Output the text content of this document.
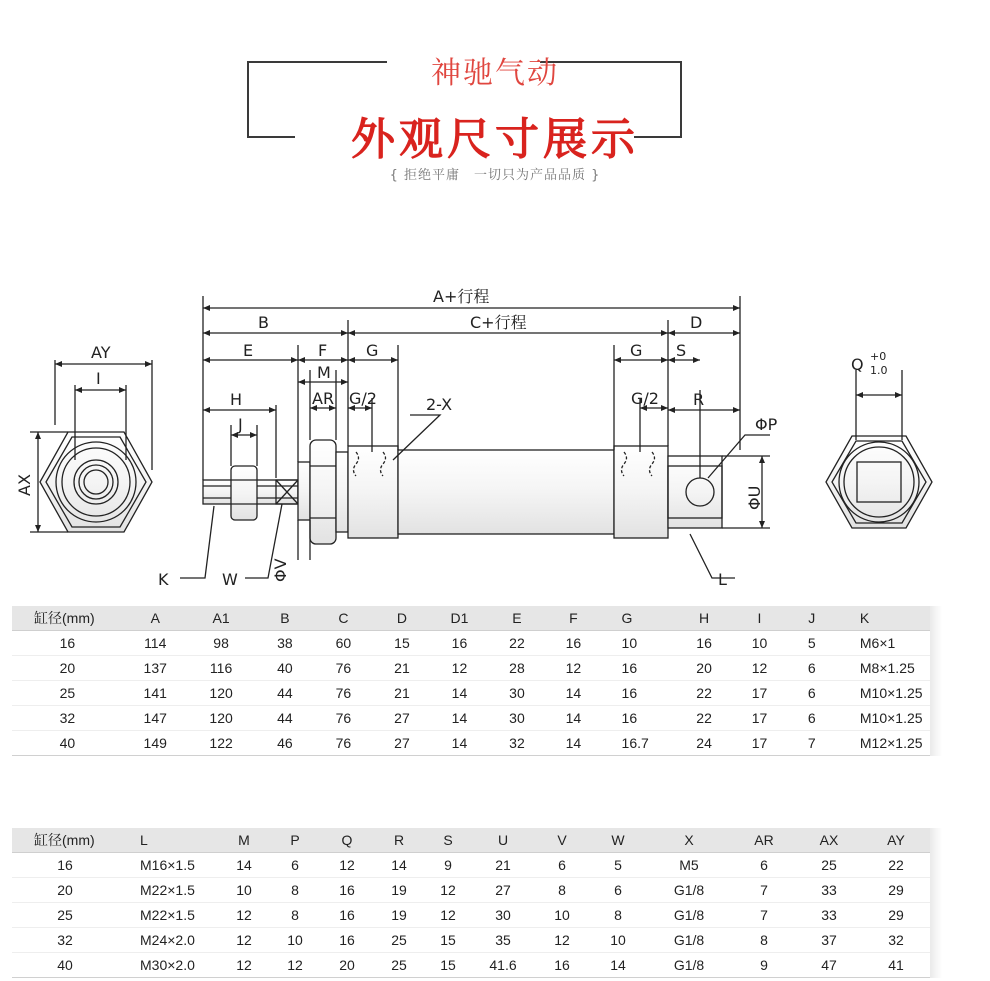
神驰气动
外观尺寸展示
{ 拒绝平庸　一切只为产品品质 }
A+行程
B	C+行程	D
E	F G	G S
M
AR G/2	2-X	G/2
H	R
ΦP
J
ΦU
K	W ΦV	L
AY
I
AX
Q +0
1.0
缸径(mm)	A	A1	B	C	D	D1	E	F	G	H	I	J	K
16	114	98	38	60	15	16	22	16	10	16	10	5	M6×1
20	137	116	40	76	21	12	28	12	16	20	12	6	M8×1.25
25	141	120	44	76	21	14	30	14	16	22	17	6	M10×1.25
32	147	120	44	76	27	14	30	14	16	22	17	6	M10×1.25
40	149	122	46	76	27	14	32	14	16.7	24	17	7	M12×1.25
缸径(mm)	L	M	P	Q	R	S	U	V	W	X	AR	AX	AY
16	M16×1.5	14	6	12	14	9	21	6	5	M5	6	25	22
20	M22×1.5	10	8	16	19	12	27	8	6	G1/8	7	33	29
25	M22×1.5	12	8	16	19	12	30	10	8	G1/8	7	33	29
32	M24×2.0	12	10	16	25	15	35	12	10	G1/8	8	37	32
40	M30×2.0	12	12	20	25	15	41.6	16	14	G1/8	9	47	41
